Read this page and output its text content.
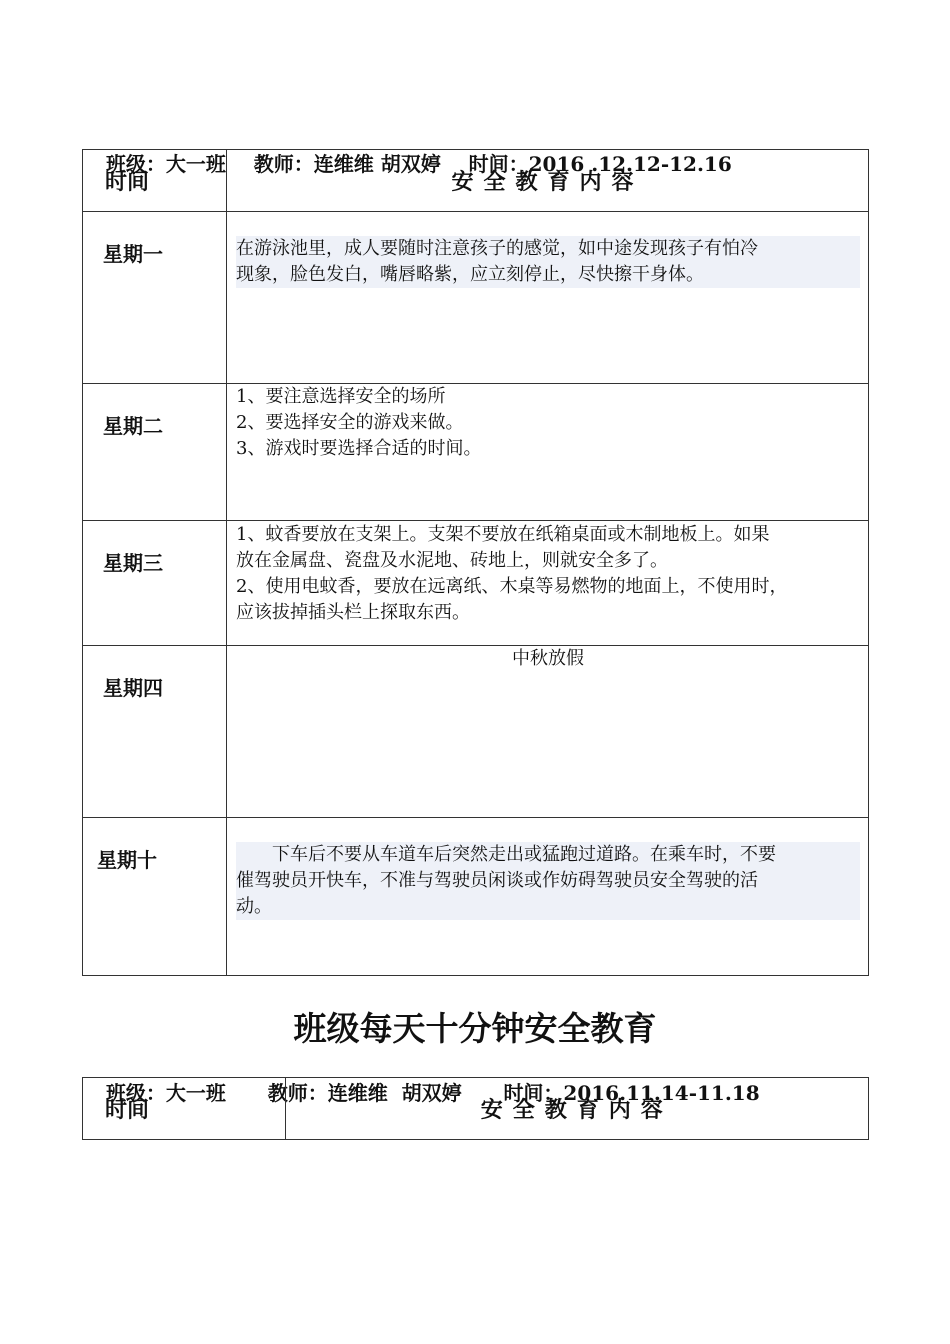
班级：大一班 教师：连维维 胡双婷 时间：2016 .12.12-12.16

时间	安全教育内容
星期一	在游泳池里，成人要随时注意孩子的感觉，如中途发现孩子有怕冷
现象，脸色发白，嘴唇略紫，应立刻停止，尽快擦干身体。

星期二	1、要注意选择安全的场所
2、要选择安全的游戏来做。
3、游戏时要选择合适的时间。

星期三	1、蚊香要放在支架上。支架不要放在纸箱桌面或木制地板上。如果
放在金属盘、瓷盘及水泥地、砖地上，则就安全多了。
2、使用电蚊香，要放在远离纸、木桌等易燃物的地面上，不使用时，
应该拔掉插头栏上探取东西。

星期四	中秋放假

星期十	下车后不要从车道车后突然走出或猛跑过道路。在乘车时，不要
催驾驶员开快车，不准与驾驶员闲谈或作妨碍驾驶员安全驾驶的活
动。
班级每天十分钟安全教育

班级：大一班 教师：连维维  胡双婷 时间：2016.11.14-11.18

时间	安全教育内容
